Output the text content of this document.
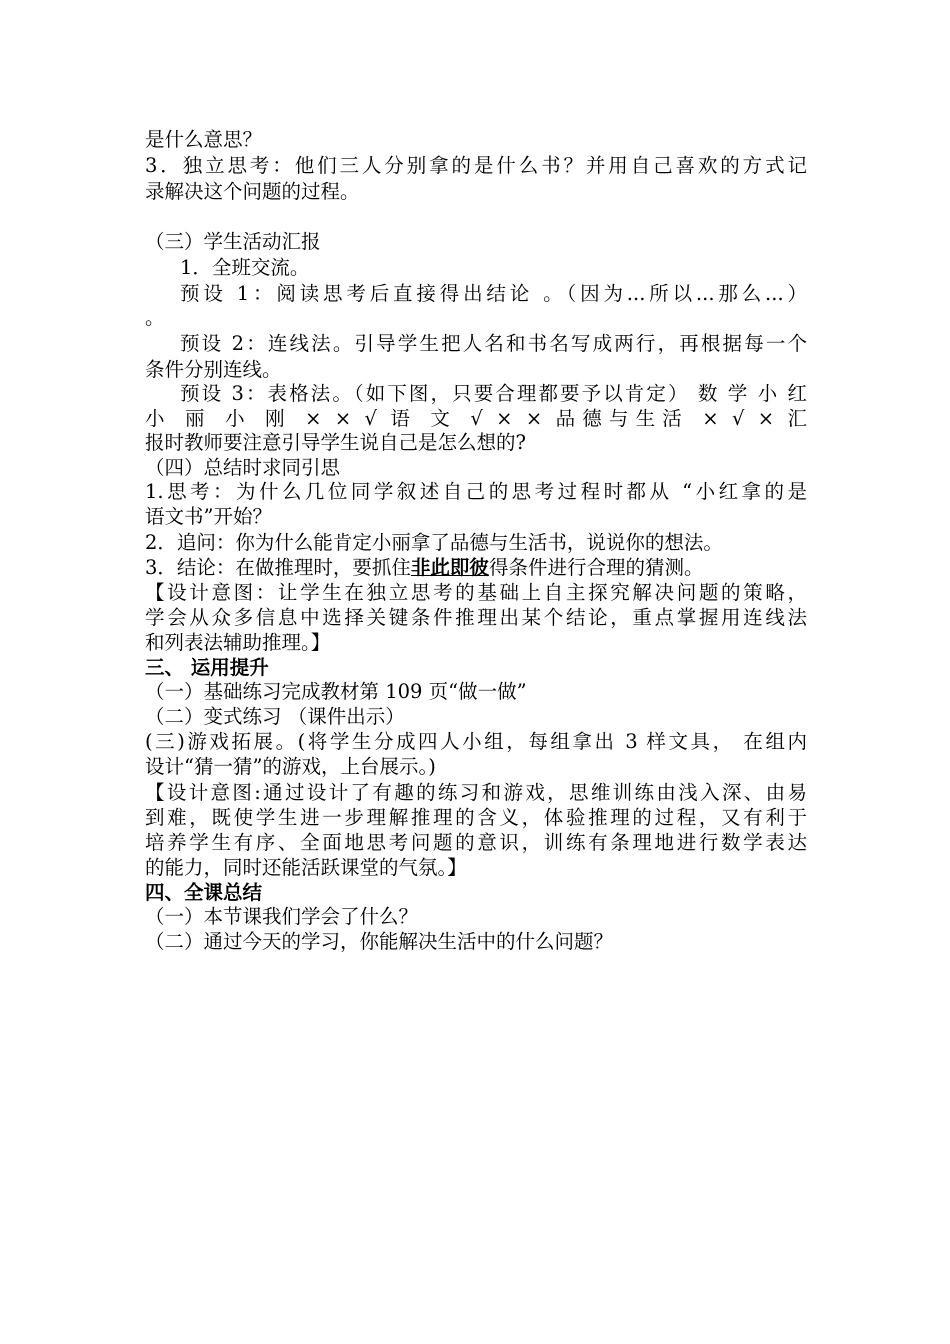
是什么意思？
3．独立思考：他们三人分别拿的是什么书？并用自己喜欢的方式记
录解决这个问题的过程。
（三）学生活动汇报
1．全班交流。
预设 1：阅读思考后直接得出结论 。（因为...所以...那么...）
。
预设 2：连线法。引导学生把人名和书名写成两行，再根据每一个
条件分别连线。
预设 3：表格法。（如下图，只要合理都要予以肯定） 数 学 小 红
小 丽 小 刚 × × √ 语 文 √ × × 品德与生活 × √ × 汇
报时教师要注意引导学生说自己是怎么想的?
（四）总结时求同引思
1.思考：为什么几位同学叙述自己的思考过程时都从 “小红拿的是
语文书”开始？
2．追问：你为什么能肯定小丽拿了品德与生活书，说说你的想法。
3．结论：在做推理时，要抓住非此即彼得条件进行合理的猜测。
【设计意图：让学生在独立思考的基础上自主探究解决问题的策略，
学会从众多信息中选择关键条件推理出某个结论，重点掌握用连线法
和列表法辅助推理。】
三、 运用提升
（一）基础练习完成教材第 109 页“做一做”
（二）变式练习 （课件出示）
(三)游戏拓展。(将学生分成四人小组，每组拿出 3 样文具， 在组内
设计“猜一猜”的游戏，上台展示。)
【设计意图:通过设计了有趣的练习和游戏，思维训练由浅入深、由易
到难，既使学生进一步理解推理的含义，体验推理的过程，又有利于
培养学生有序、全面地思考问题的意识，训练有条理地进行数学表达
的能力，同时还能活跃课堂的气氛。】
四、全课总结
（一）本节课我们学会了什么？
（二）通过今天的学习，你能解决生活中的什么问题？
